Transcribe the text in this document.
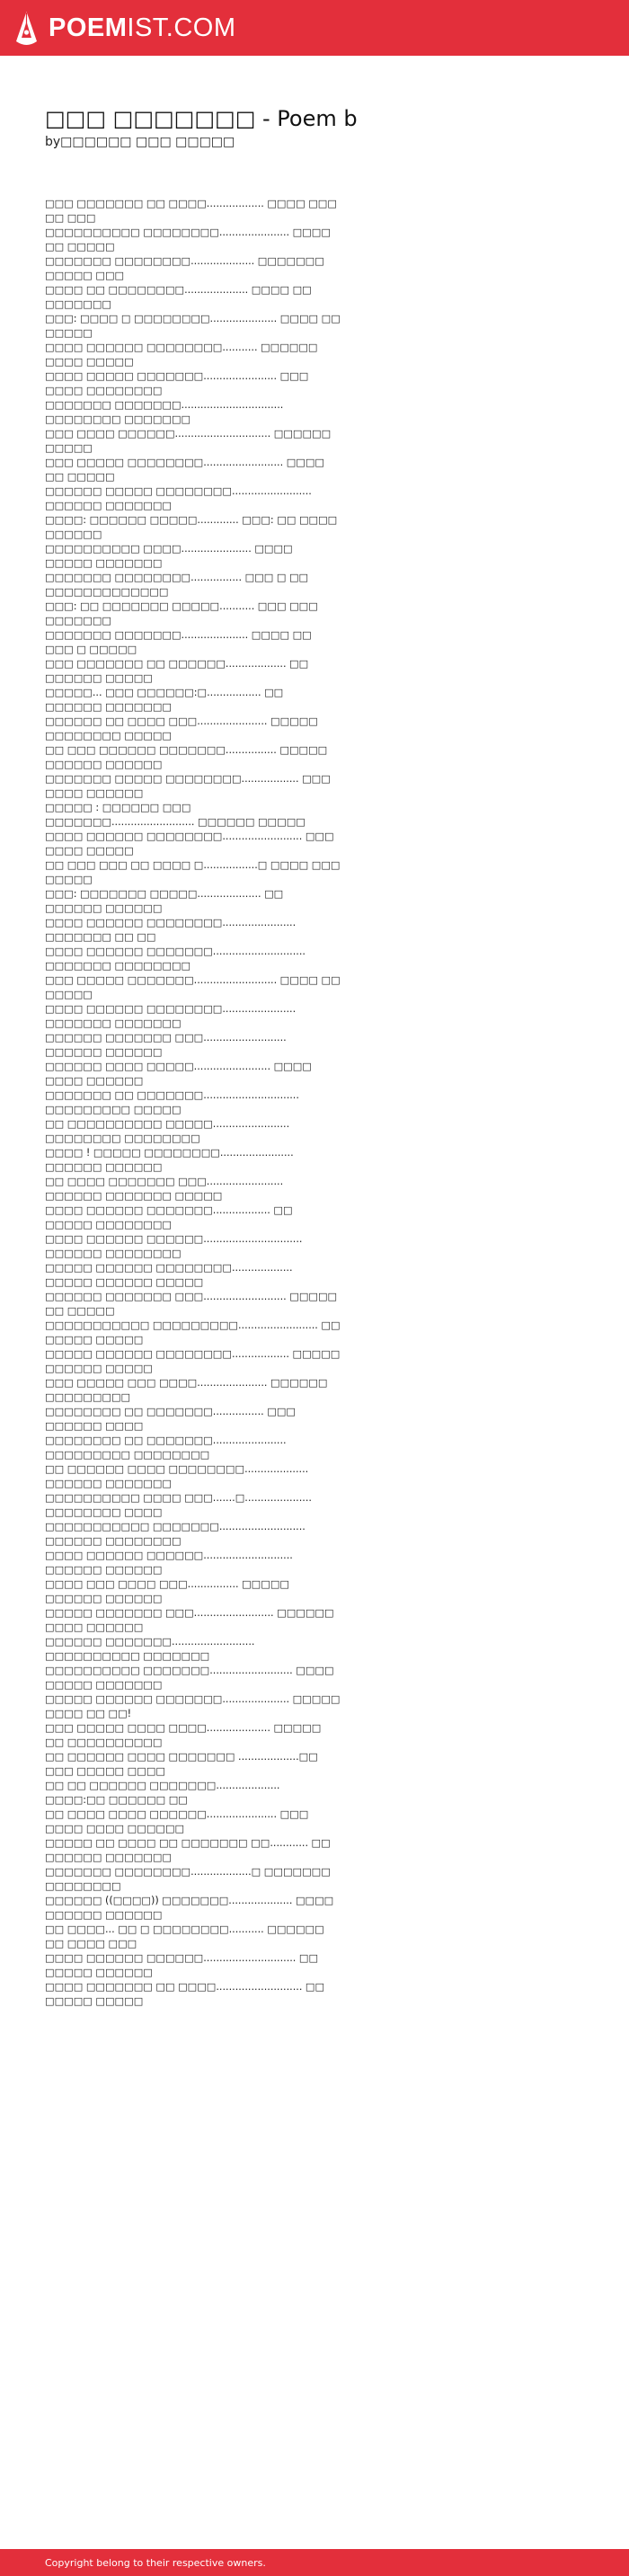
POEMIST.COM
□□□ □□□□□□□ - Poem b
by□□□□□□ □□□ □□□□□

□□□ □□□□□□□ □□ □□□□.................. □□□□ □□□ □□ □□□

□□□□□□□□□□ □□□□□□□□...................... □□□□ □□ □□□□□

□□□□□□□ □□□□□□□□.................... □□□□□□□ □□□□□ □□□

□□□□ □□ □□□□□□□□.................... □□□□ □□ □□□□□□□

□□□: □□□□ □ □□□□□□□□..................... □□□□ □□ □□□□□

□□□□ □□□□□□ □□□□□□□□........... □□□□□□ □□□□ □□□□□

□□□□ □□□□□ □□□□□□□....................... □□□ □□□□ □□□□□□□□

□□□□□□□ □□□□□□□................................ □□□□□□□□ □□□□□□□

□□□ □□□□ □□□□□□.............................. □□□□□□ □□□□□

□□□ □□□□□ □□□□□□□□......................... □□□□ □□ □□□□□

□□□□□□ □□□□□ □□□□□□□□......................... □□□□□□ □□□□□□□

□□□□: □□□□□□ □□□□□............. □□□: □□ □□□□ □□□□□□

□□□□□□□□□□ □□□□...................... □□□□ □□□□□ □□□□□□□

□□□□□□□ □□□□□□□□................ □□□ □ □□ □□□□□□□□□□□□□

□□□: □□ □□□□□□□ □□□□□........... □□□ □□□ □□□□□□□

□□□□□□□ □□□□□□□..................... □□□□ □□ □□□ □ □□□□□

□□□ □□□□□□□ □□ □□□□□□................... □□ □□□□□□ □□□□□

□□□□□... □□□ □□□□□□:□................. □□ □□□□□□ □□□□□□□

□□□□□□ □□ □□□□ □□□...................... □□□□□ □□□□□□□□ □□□□□

□□ □□□ □□□□□□ □□□□□□□................ □□□□□ □□□□□□ □□□□□□

□□□□□□□ □□□□□ □□□□□□□□.................. □□□ □□□□ □□□□□□

□□□□□ : □□□□□□ □□□ □□□□□□□.......................... □□□□□□ □□□□□

□□□□ □□□□□□ □□□□□□□□......................... □□□ □□□□ □□□□□

□□ □□□ □□□ □□ □□□□ □.................□ □□□□ □□□ □□□□□

□□□: □□□□□□□ □□□□□.................... □□ □□□□□□ □□□□□□

□□□□ □□□□□□ □□□□□□□□....................... □□□□□□□ □□ □□

□□□□ □□□□□□ □□□□□□□............................. □□□□□□□ □□□□□□□□

□□□ □□□□□ □□□□□□□.......................... □□□□ □□ □□□□□

□□□□ □□□□□□ □□□□□□□□....................... □□□□□□□ □□□□□□□

□□□□□□ □□□□□□□ □□□.......................... □□□□□□ □□□□□□

□□□□□□ □□□□ □□□□□........................ □□□□ □□□□ □□□□□□

□□□□□□□ □□ □□□□□□□.............................. □□□□□□□□□ □□□□□

□□ □□□□□□□□□□ □□□□□........................ □□□□□□□□ □□□□□□□□

□□□□ ! □□□□□ □□□□□□□□....................... □□□□□□ □□□□□□

□□ □□□□ □□□□□□□ □□□........................ □□□□□□ □□□□□□□ □□□□□

□□□□ □□□□□□ □□□□□□□.................. □□ □□□□□ □□□□□□□□

□□□□ □□□□□□ □□□□□□............................... □□□□□□ □□□□□□□□

□□□□□ □□□□□□ □□□□□□□□................... □□□□□ □□□□□□ □□□□□

□□□□□□ □□□□□□□ □□□.......................... □□□□□ □□ □□□□□

□□□□□□□□□□□ □□□□□□□□□......................... □□ □□□□□ □□□□□

□□□□□ □□□□□□ □□□□□□□□.................. □□□□□ □□□□□□ □□□□□

□□□ □□□□□ □□□ □□□□...................... □□□□□□ □□□□□□□□□

□□□□□□□□ □□ □□□□□□□................ □□□ □□□□□□ □□□□

□□□□□□□□ □□ □□□□□□□....................... □□□□□□□□□ □□□□□□□□

□□ □□□□□□ □□□□ □□□□□□□□.................... □□□□□□ □□□□□□□

□□□□□□□□□□ □□□□ □□□.......□..................... □□□□□□□□ □□□□

□□□□□□□□□□□ □□□□□□□........................... □□□□□□ □□□□□□□□

□□□□ □□□□□□ □□□□□□............................ □□□□□□ □□□□□□

□□□□ □□□ □□□□ □□□................ □□□□□ □□□□□□ □□□□□□

□□□□□ □□□□□□□ □□□......................... □□□□□□ □□□□ □□□□□□

□□□□□□ □□□□□□□.......................... □□□□□□□□□□ □□□□□□□

□□□□□□□□□□ □□□□□□□.......................... □□□□ □□□□□ □□□□□□□

□□□□□ □□□□□□ □□□□□□□..................... □□□□□ □□□□ □□ □□!

□□□ □□□□□ □□□□ □□□□.................... □□□□□ □□ □□□□□□□□□□

□□ □□□□□□ □□□□ □□□□□□□ ...................□□ □□□ □□□□□ □□□□

□□ □□ □□□□□□ □□□□□□□.................... □□□□:□□ □□□□□□ □□

□□ □□□□ □□□□ □□□□□□...................... □□□ □□□□ □□□□ □□□□□□

□□□□□ □□ □□□□ □□ □□□□□□□ □□............ □□ □□□□□□ □□□□□□□

□□□□□□□ □□□□□□□□...................□ □□□□□□□ □□□□□□□□

□□□□□□ ((□□□□)) □□□□□□□.................... □□□□ □□□□□□ □□□□□□

□□ □□□□... □□ □ □□□□□□□□........... □□□□□□ □□ □□□□ □□□

□□□□ □□□□□□ □□□□□□............................. □□ □□□□□ □□□□□□

□□□□ □□□□□□□ □□ □□□□........................... □□ □□□□□ □□□□□

Copyright belong to their respective owners.
